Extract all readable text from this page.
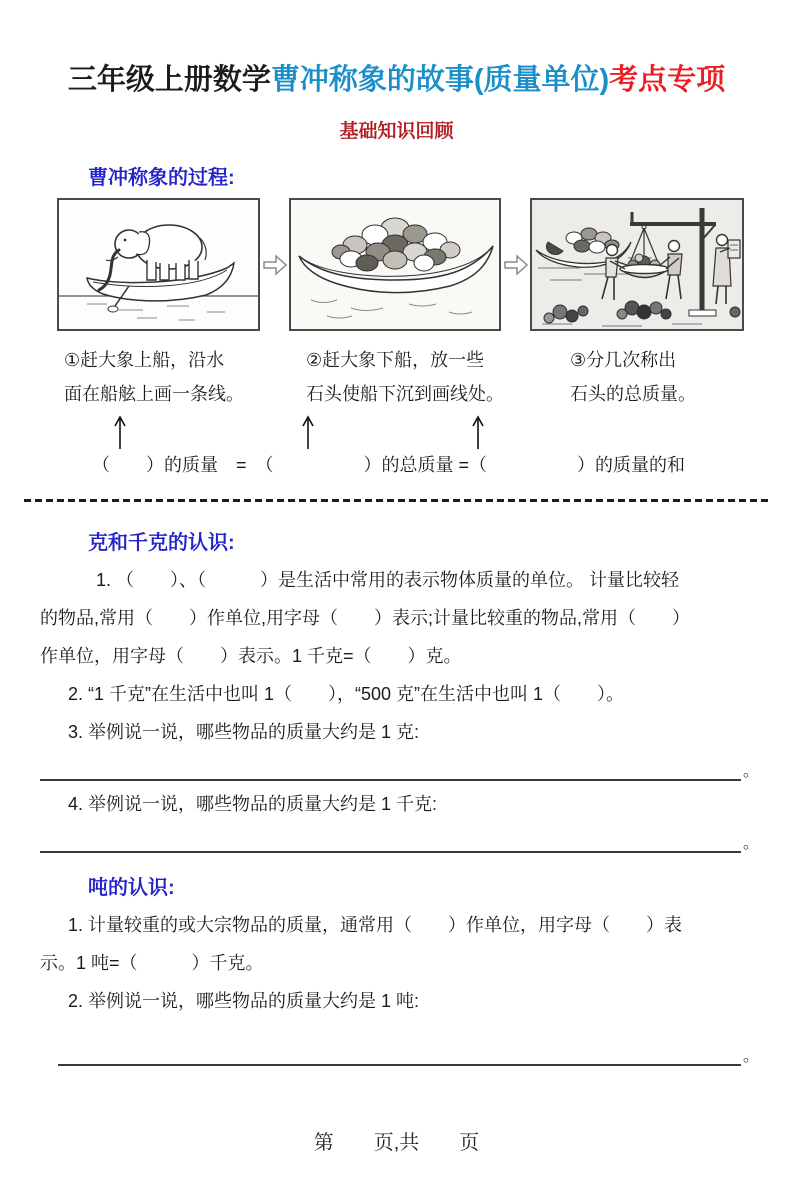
三年级上册数学曹冲称象的故事(质量单位)考点专项
基础知识回顾
曹冲称象的过程:
①赶大象上船，沿水
面在船舷上画一条线。
②赶大象下船，放一些
石头使船下沉到画线处。
③分几次称出
石头的总质量。
（　　）的质量　=　（　　　　　）的总质量 =（　　　　　）的质量的和
克和千克的认识:
1. （　　）、（　　　）是生活中常用的表示物体质量的单位。 计量比较轻
的物品,常用（　　）作单位,用字母（　　）表示;计量比较重的物品,常用（　　）
作单位，用字母（　　）表示。1 千克=（　　）克。
2. “1 千克”在生活中也叫 1（　　），“500 克”在生活中也叫 1（　　）。
3. 举例说一说，哪些物品的质量大约是 1 克:
。
4. 举例说一说，哪些物品的质量大约是 1 千克:
。
吨的认识:
1. 计量较重的或大宗物品的质量，通常用（　　）作单位，用字母（　　）表
示。1 吨=（　　　）千克。
2. 举例说一说，哪些物品的质量大约是 1 吨:
。
第　　页,共　　页
